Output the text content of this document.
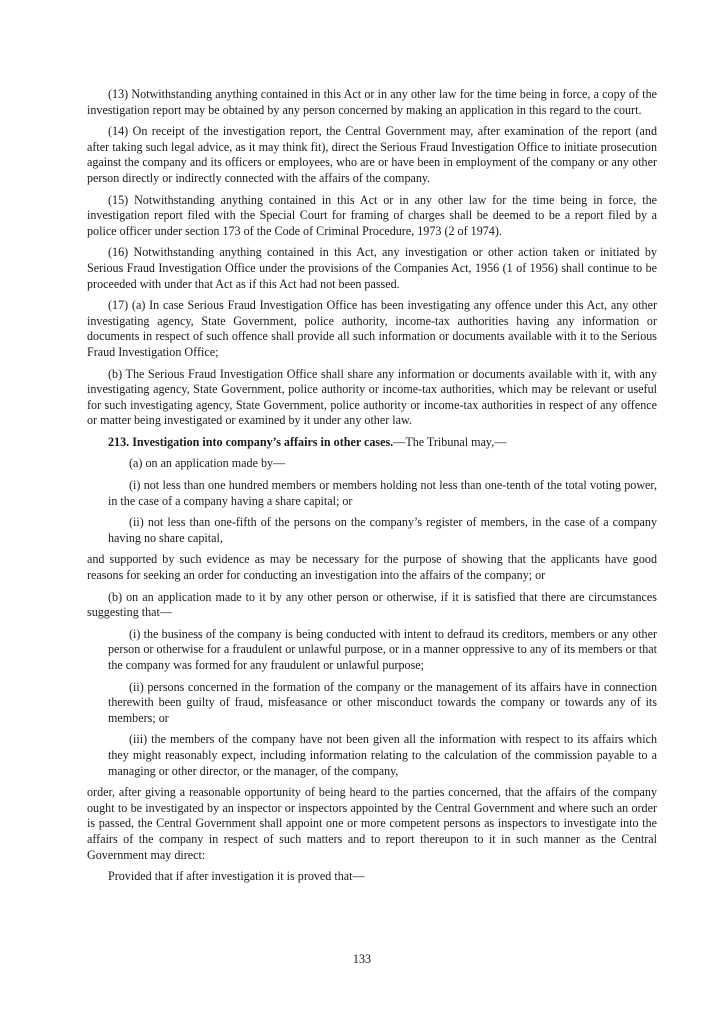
(13) Notwithstanding anything contained in this Act or in any other law for the time being in force, a copy of the investigation report may be obtained by any person concerned by making an application in this regard to the court.

(14) On receipt of the investigation report, the Central Government may, after examination of the report (and after taking such legal advice, as it may think fit), direct the Serious Fraud Investigation Office to initiate prosecution against the company and its officers or employees, who are or have been in employment of the company or any other person directly or indirectly connected with the affairs of the company.

(15) Notwithstanding anything contained in this Act or in any other law for the time being in force, the investigation report filed with the Special Court for framing of charges shall be deemed to be a report filed by a police officer under section 173 of the Code of Criminal Procedure, 1973 (2 of 1974).

(16) Notwithstanding anything contained in this Act, any investigation or other action taken or initiated by Serious Fraud Investigation Office under the provisions of the Companies Act, 1956 (1 of 1956) shall continue to be proceeded with under that Act as if this Act had not been passed.

(17) (a) In case Serious Fraud Investigation Office has been investigating any offence under this Act, any other investigating agency, State Government, police authority, income-tax authorities having any information or documents in respect of such offence shall provide all such information or documents available with it to the Serious Fraud Investigation Office;

(b) The Serious Fraud Investigation Office shall share any information or documents available with it, with any investigating agency, State Government, police authority or income-tax authorities, which may be relevant or useful for such investigating agency, State Government, police authority or income-tax authorities in respect of any offence or matter being investigated or examined by it under any other law.

213. Investigation into company’s affairs in other cases.—The Tribunal may,—

(a) on an application made by—

(i) not less than one hundred members or members holding not less than one-tenth of the total voting power, in the case of a company having a share capital; or

(ii) not less than one-fifth of the persons on the company’s register of members, in the case of a company having no share capital,

and supported by such evidence as may be necessary for the purpose of showing that the applicants have good reasons for seeking an order for conducting an investigation into the affairs of the company; or

(b) on an application made to it by any other person or otherwise, if it is satisfied that there are circumstances suggesting that—

(i) the business of the company is being conducted with intent to defraud its creditors, members or any other person or otherwise for a fraudulent or unlawful purpose, or in a manner oppressive to any of its members or that the company was formed for any fraudulent or unlawful purpose;

(ii) persons concerned in the formation of the company or the management of its affairs have in connection therewith been guilty of fraud, misfeasance or other misconduct towards the company or towards any of its members; or

(iii) the members of the company have not been given all the information with respect to its affairs which they might reasonably expect, including information relating to the calculation of the commission payable to a managing or other director, or the manager, of the company,

order, after giving a reasonable opportunity of being heard to the parties concerned, that the affairs of the company ought to be investigated by an inspector or inspectors appointed by the Central Government and where such an order is passed, the Central Government shall appoint one or more competent persons as inspectors to investigate into the affairs of the company in respect of such matters and to report thereupon to it in such manner as the Central Government may direct:

Provided that if after investigation it is proved that—

133
